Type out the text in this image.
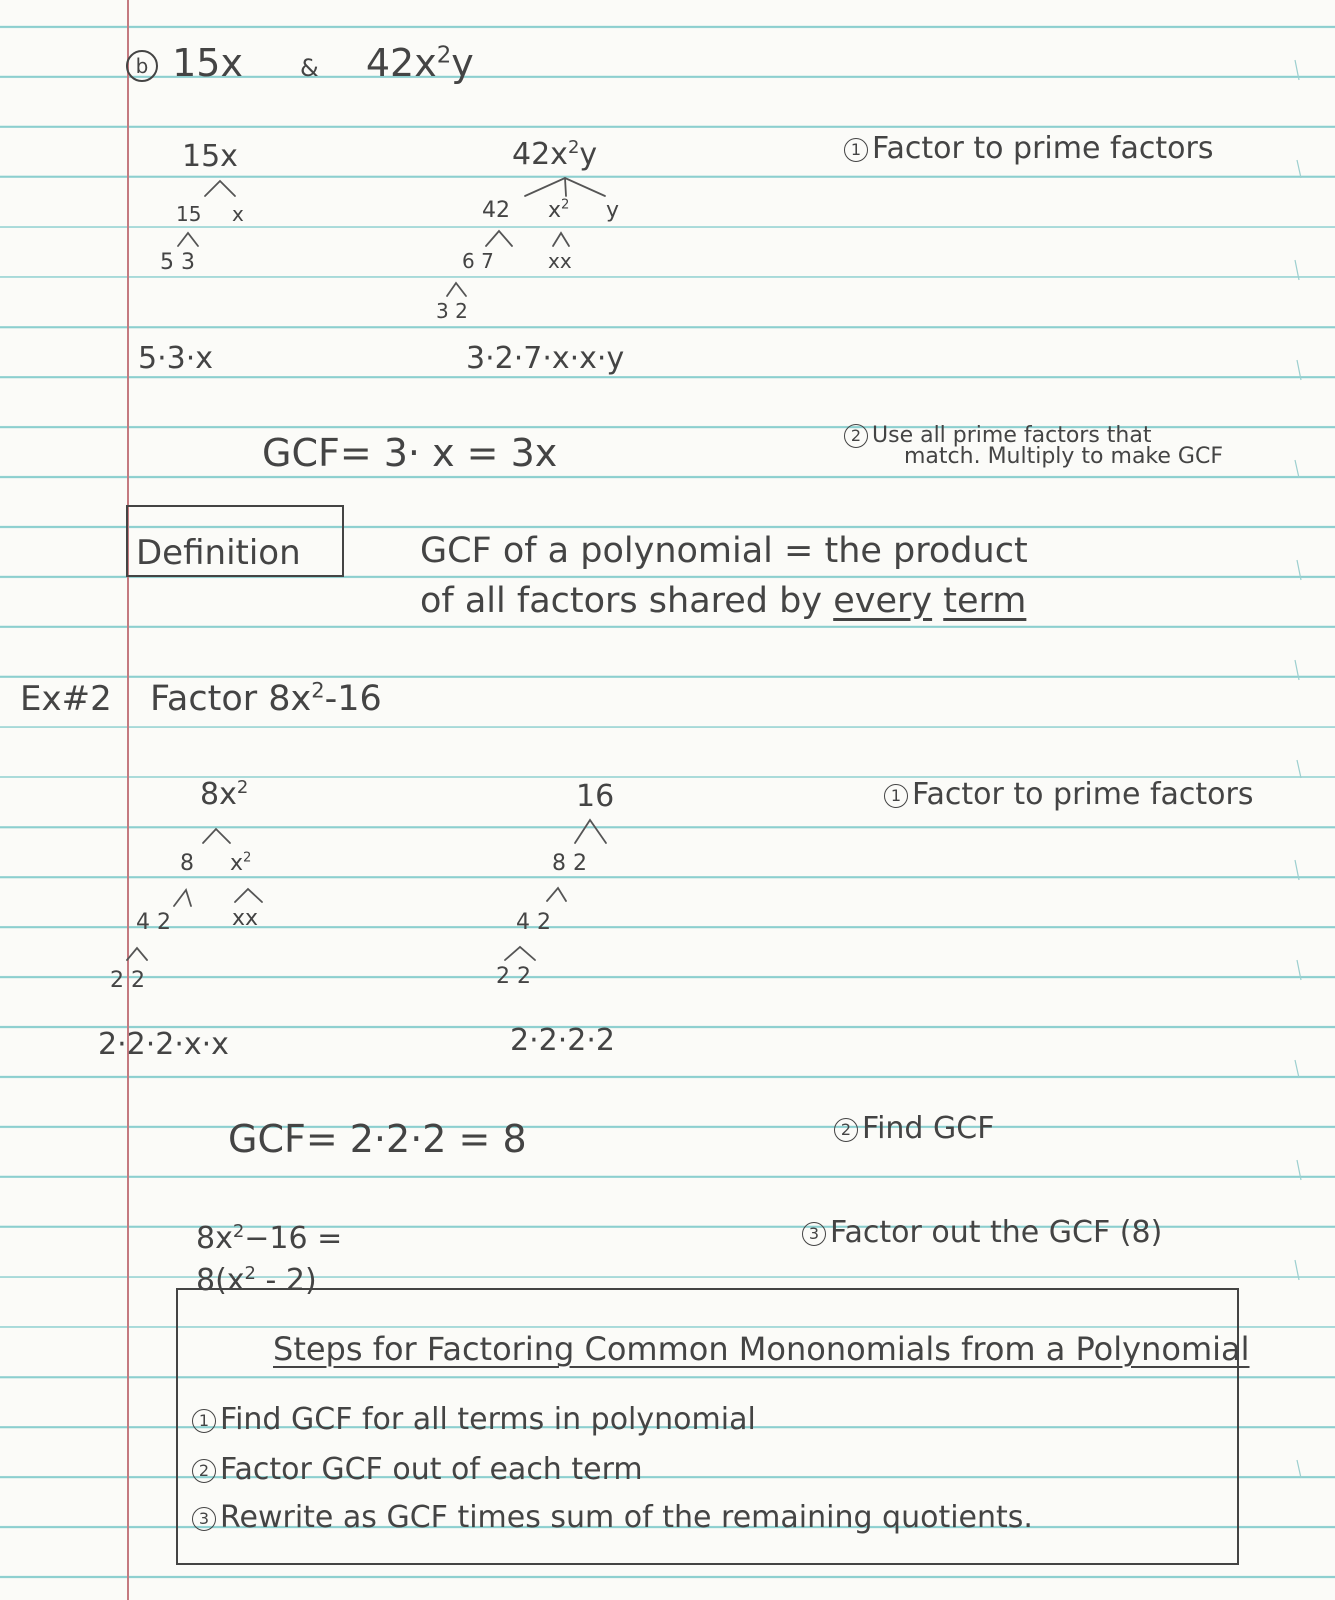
b 15x & $42x^2y$
15x
15 x
5 3
5·3·x
$42x^2y$
42 $x^2$ y
6 7	xx
3 2
3·2·7·x·x·y
1 Factor to prime factors
GCF= 3· x = 3x	2 Use all prime factors that
match. Multiply to make GCF
Definition	GCF of a polynomial = the product
of all factors shared by every term
Ex#2 Factor $8x^2-16$
$8x^2$
8 $x^2$
4 2	xx
2 2
2·2·2·x·x
16
8 2
4 2
2 2
2·2·2·2
1 Factor to prime factors
GCF= 2·2·2 = 8	2 Find GCF
$8x^2-16$ =
$8(x^2 - 2)$
3 Factor out the GCF (8)
Steps for Factoring Common Mononomials from a Polynomial
1 Find GCF for all terms in polynomial
2 Factor GCF out of each term
3 Rewrite as GCF times sum of the remaining quotients.
